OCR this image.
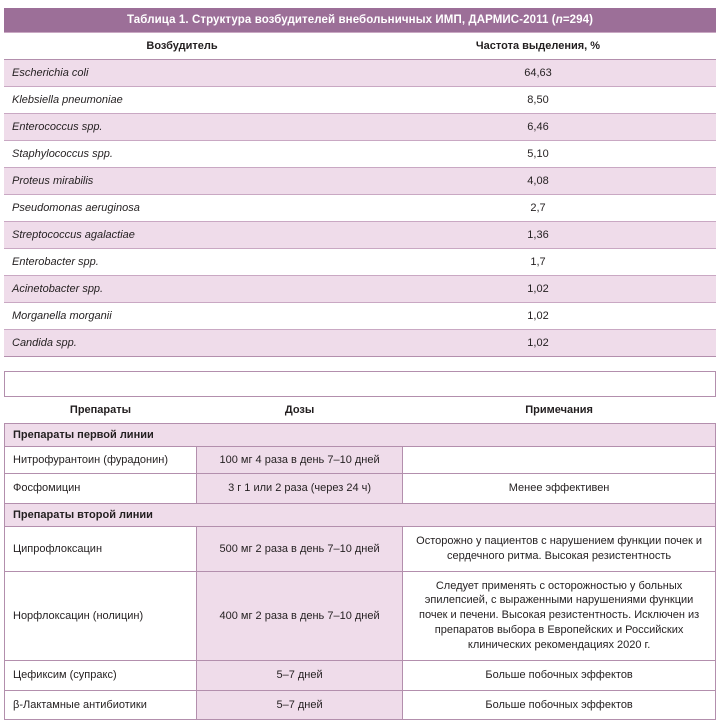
Таблица 1. Структура возбудителей внебольничных ИМП, ДАРМИС-2011 (n=294)	
Возбудитель	Частота выделения, %
Escherichia coli	64,63
Klebsiella pneumoniae	8,50
Enterococcus spp.	6,46
Staphylococcus spp.	5,10
Proteus mirabilis	4,08
Pseudomonas aeruginosa	2,7
Streptococcus agalactiae	1,36
Enterobacter spp.	1,7
Acinetobacter spp.	1,02
Morganella morganii	1,02
Candida spp.	1,02
Таблица. 2. Лечение РИМП		
Препараты	Дозы	Примечания
Препараты первой линии		
Нитрофурантоин (фурадонин)	100 мг 4 раза в день 7–10 дней	
Фосфомицин	3 г 1 или 2 раза (через 24 ч)	Менее эффективен
Препараты второй линии		
Ципрофлоксацин	500 мг 2 раза в день 7–10 дней	Осторожно у пациентов с нарушением функции почек и сердечного ритма. Высокая резистентность
Норфлоксацин (нолицин)	400 мг 2 раза в день 7–10 дней	Следует применять с осторожностью у больных эпилепсией, с выраженными нарушениями функции почек и печени. Высокая резистентность. Исключен из препаратов выбора в Европейских и Российских клинических рекомендациях 2020 г.
Цефиксим (супракс)	5–7 дней	Больше побочных эффектов
β-Лактамные антибиотики	5–7 дней	Больше побочных эффектов
